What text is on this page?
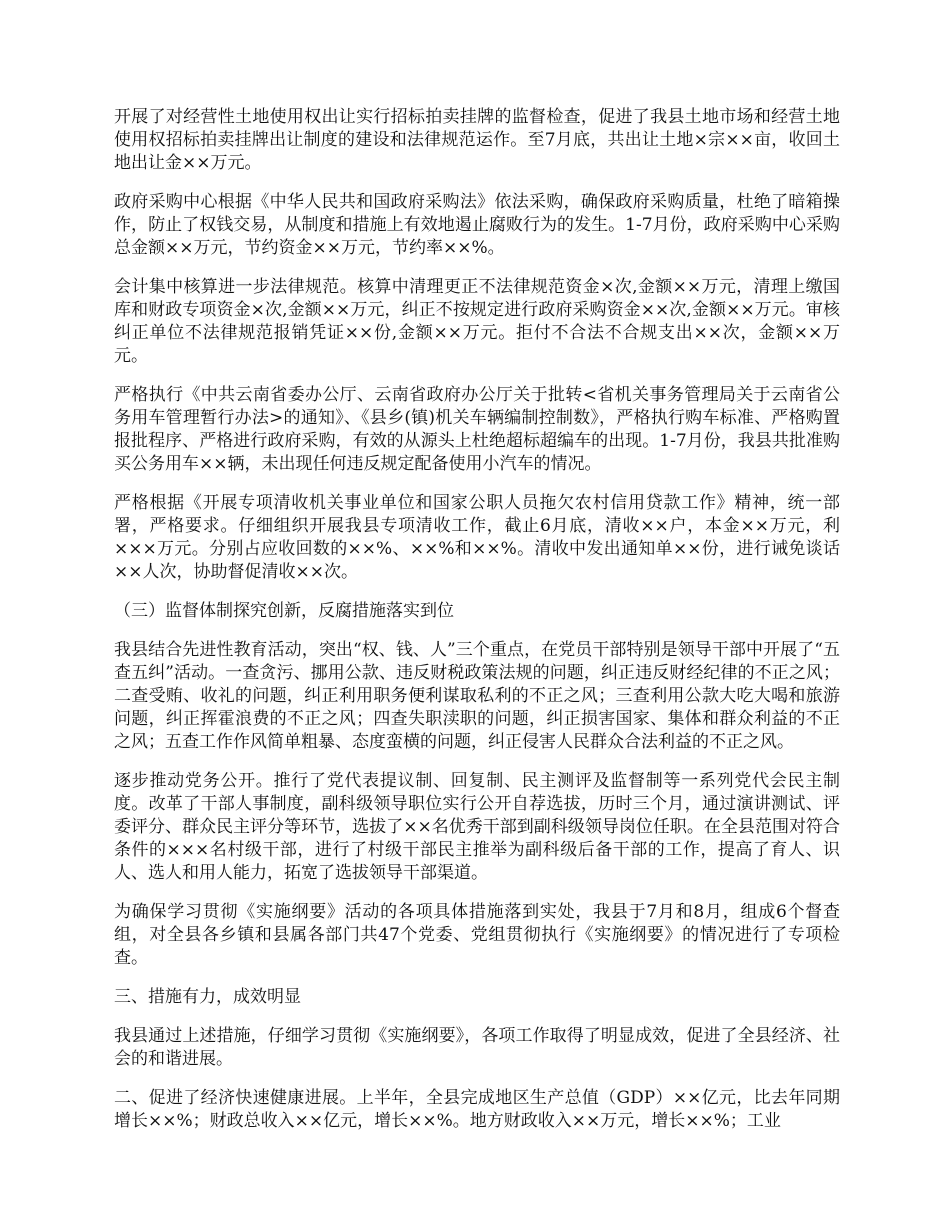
开展了对经营性土地使用权出让实行招标拍卖挂牌的监督检查，促进了我县土地市场和经营土地使用权招标拍卖挂牌出让制度的建设和法律规范运作。至7月底，共出让土地×宗××亩，收回土地出让金××万元。

政府采购中心根据《中华人民共和国政府采购法》依法采购，确保政府采购质量，杜绝了暗箱操作，防止了权钱交易，从制度和措施上有效地遏止腐败行为的发生。1-7月份，政府采购中心采购总金额××万元，节约资金××万元，节约率××%。

会计集中核算进一步法律规范。核算中清理更正不法律规范资金×次,金额××万元，清理上缴国库和财政专项资金×次,金额××万元，纠正不按规定进行政府采购资金××次,金额××万元。审核纠正单位不法律规范报销凭证××份,金额××万元。拒付不合法不合规支出××次，金额××万元。

严格执行《中共云南省委办公厅、云南省政府办公厅关于批转<省机关事务管理局关于云南省公务用车管理暂行办法>的通知》、《县乡(镇)机关车辆编制控制数》，严格执行购车标准、严格购置报批程序、严格进行政府采购，有效的从源头上杜绝超标超编车的出现。1-7月份，我县共批准购买公务用车××辆，未出现任何违反规定配备使用小汽车的情况。

严格根据《开展专项清收机关事业单位和国家公职人员拖欠农村信用贷款工作》精神，统一部署，严格要求。仔细组织开展我县专项清收工作，截止6月底，清收××户，本金××万元，利×××万元。分别占应收回数的××%、××%和××%。清收中发出通知单××份，进行诫免谈话××人次，协助督促清收××次。

（三）监督体制探究创新，反腐措施落实到位

我县结合先进性教育活动，突出“权、钱、人”三个重点，在党员干部特别是领导干部中开展了“五查五纠”活动。一查贪污、挪用公款、违反财税政策法规的问题，纠正违反财经纪律的不正之风；二查受贿、收礼的问题，纠正利用职务便利谋取私利的不正之风；三查利用公款大吃大喝和旅游问题，纠正挥霍浪费的不正之风；四查失职渎职的问题，纠正损害国家、集体和群众利益的不正之风；五查工作作风简单粗暴、态度蛮横的问题，纠正侵害人民群众合法利益的不正之风。

逐步推动党务公开。推行了党代表提议制、回复制、民主测评及监督制等一系列党代会民主制度。改革了干部人事制度，副科级领导职位实行公开自荐选拔，历时三个月，通过演讲测试、评委评分、群众民主评分等环节，选拔了××名优秀干部到副科级领导岗位任职。在全县范围对符合条件的×××名村级干部，进行了村级干部民主推举为副科级后备干部的工作，提高了育人、识人、选人和用人能力，拓宽了选拔领导干部渠道。

为确保学习贯彻《实施纲要》活动的各项具体措施落到实处，我县于7月和8月，组成6个督查组，对全县各乡镇和县属各部门共47个党委、党组贯彻执行《实施纲要》的情况进行了专项检查。

三、措施有力，成效明显

我县通过上述措施，仔细学习贯彻《实施纲要》，各项工作取得了明显成效，促进了全县经济、社会的和谐进展。

二、促进了经济快速健康进展。上半年，全县完成地区生产总值（GDP）××亿元，比去年同期增长××%；财政总收入××亿元，增长××%。地方财政收入××万元，增长××%；工业
